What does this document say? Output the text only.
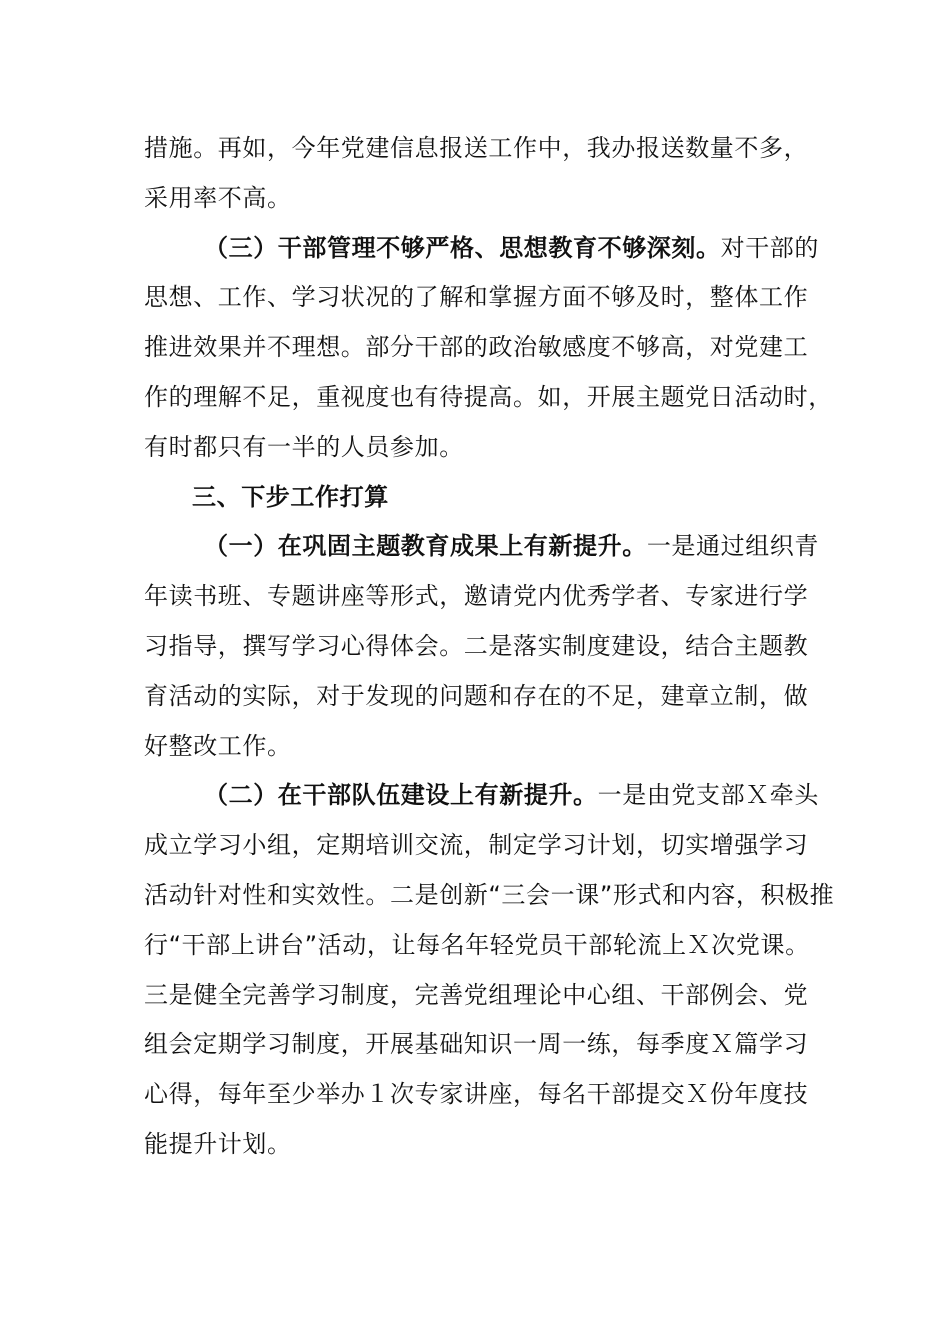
措施。再如，今年党建信息报送工作中，我办报送数量不多，
采用率不高。
（三）干部管理不够严格、思想教育不够深刻。对干部的
思想、工作、学习状况的了解和掌握方面不够及时，整体工作
推进效果并不理想。部分干部的政治敏感度不够高，对党建工
作的理解不足，重视度也有待提高。如，开展主题党日活动时，
有时都只有一半的人员参加。
三、下步工作打算
（一）在巩固主题教育成果上有新提升。一是通过组织青
年读书班、专题讲座等形式，邀请党内优秀学者、专家进行学
习指导，撰写学习心得体会。二是落实制度建设，结合主题教
育活动的实际，对于发现的问题和存在的不足，建章立制，做
好整改工作。
（二）在干部队伍建设上有新提升。一是由党支部Ｘ牵头
成立学习小组，定期培训交流，制定学习计划，切实增强学习
活动针对性和实效性。二是创新“三会一课”形式和内容，积极推
行“干部上讲台”活动，让每名年轻党员干部轮流上Ｘ次党课。
三是健全完善学习制度，完善党组理论中心组、干部例会、党
组会定期学习制度，开展基础知识一周一练，每季度Ｘ篇学习
心得，每年至少举办１次专家讲座，每名干部提交Ｘ份年度技
能提升计划。
